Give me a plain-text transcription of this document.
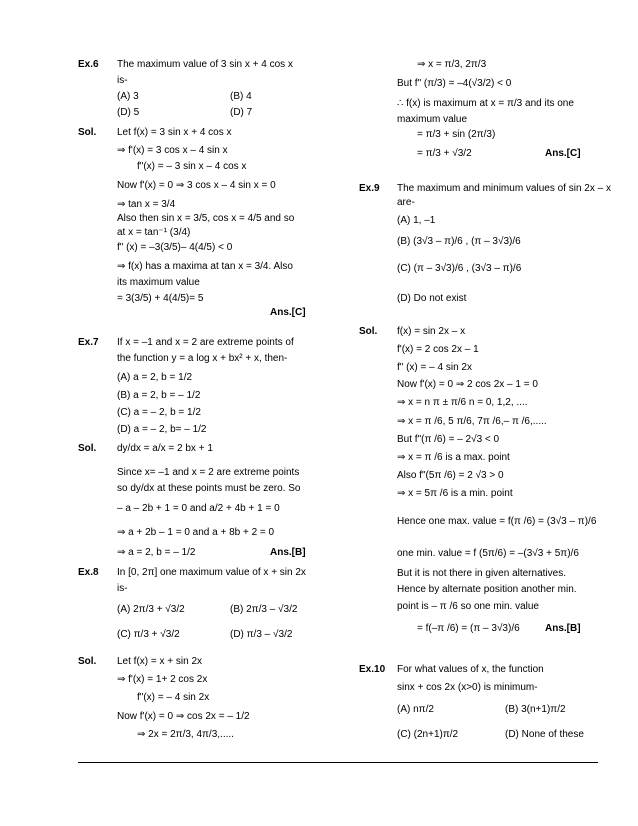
Ex.6 The maximum value of 3 sin x + 4 cos x
is-
(A) 3	(B) 4
(D) 5	(D) 7
Sol. Let f(x) = 3 sin x + 4 cos x
⇒ f'(x) = 3 cos x – 4 sin x
f"(x) = – 3 sin x – 4 cos x
Now f'(x) = 0 ⇒ 3 cos x – 4 sin x = 0
⇒ tan x = 3/4
Also then sin x = 3/5, cos x = 4/5 and so
at x = tan⁻¹ (3/4)
f" (x) = –3(3/5)– 4(4/5) < 0
⇒ f(x) has a maxima at tan x = 3/4. Also
its maximum value
= 3(3/5) + 4(4/5)= 5
Ans.[C]
Ex.7 If x = –1 and x = 2 are extreme points of
the function y = a log x + bx² + x, then-
(A) a = 2, b = 1/2
(B) a = 2, b = – 1/2
(C) a = – 2, b = 1/2
(D) a = – 2, b= – 1/2
Sol. dy/dx = a/x = 2 bx + 1
Since x= –1 and x = 2 are extreme points
so dy/dx at these points must be zero. So
– a – 2b + 1 = 0 and a/2 + 4b + 1 = 0
⇒ a + 2b – 1 = 0 and a + 8b + 2 = 0
⇒ a = 2, b = – 1/2	Ans.[B]
Ex.8 In [0, 2π] one maximum value of x + sin 2x
is-
(A) 2π/3 + √3/2	(B) 2π/3 – √3/2
(C) π/3 + √3/2	(D) π/3 – √3/2
Sol. Let f(x) = x + sin 2x
⇒ f'(x) = 1+ 2 cos 2x
f"(x) = – 4 sin 2x
Now f'(x) = 0 ⇒ cos 2x = – 1/2
⇒ 2x = 2π/3, 4π/3,.....
⇒ x = π/3, 2π/3
But f" (π/3) = –4(√3/2) < 0
∴ f(x) is maximum at x = π/3 and its one
maximum value
= π/3 + sin (2π/3)
= π/3 + √3/2	Ans.[C]
Ex.9 The maximum and minimum values of sin 2x – x
are-
(A) 1, –1
(B) (3√3 – π)/6 , (π – 3√3)/6
(C) (π – 3√3)/6 , (3√3 – π)/6
(D) Do not exist
Sol. f(x) = sin 2x – x
f'(x) = 2 cos 2x – 1
f" (x) = – 4 sin 2x
Now f'(x) = 0 ⇒ 2 cos 2x – 1 = 0
⇒ x = n π ± π/6 n = 0, 1,2, ....
⇒ x = π /6, 5 π/6, 7π /6,– π /6,.....
But f"(π /6) = – 2√3 < 0
⇒ x = π /6 is a max. point
Also f"(5π /6) = 2 √3 > 0
⇒ x = 5π /6 is a min. point
Hence one max. value = f(π /6) = (3√3 – π)/6
one min. value = f (5π/6) = –(3√3 + 5π)/6
But it is not there in given alternatives.
Hence by alternate position another min.
point is – π /6 so one min. value
= f(–π /6) = (π – 3√3)/6	Ans.[B]
Ex.10 For what values of x, the function
sinx + cos 2x (x>0) is minimum-
(A) nπ/2	(B) 3(n+1)π/2
(C) (2n+1)π/2	(D) None of these
